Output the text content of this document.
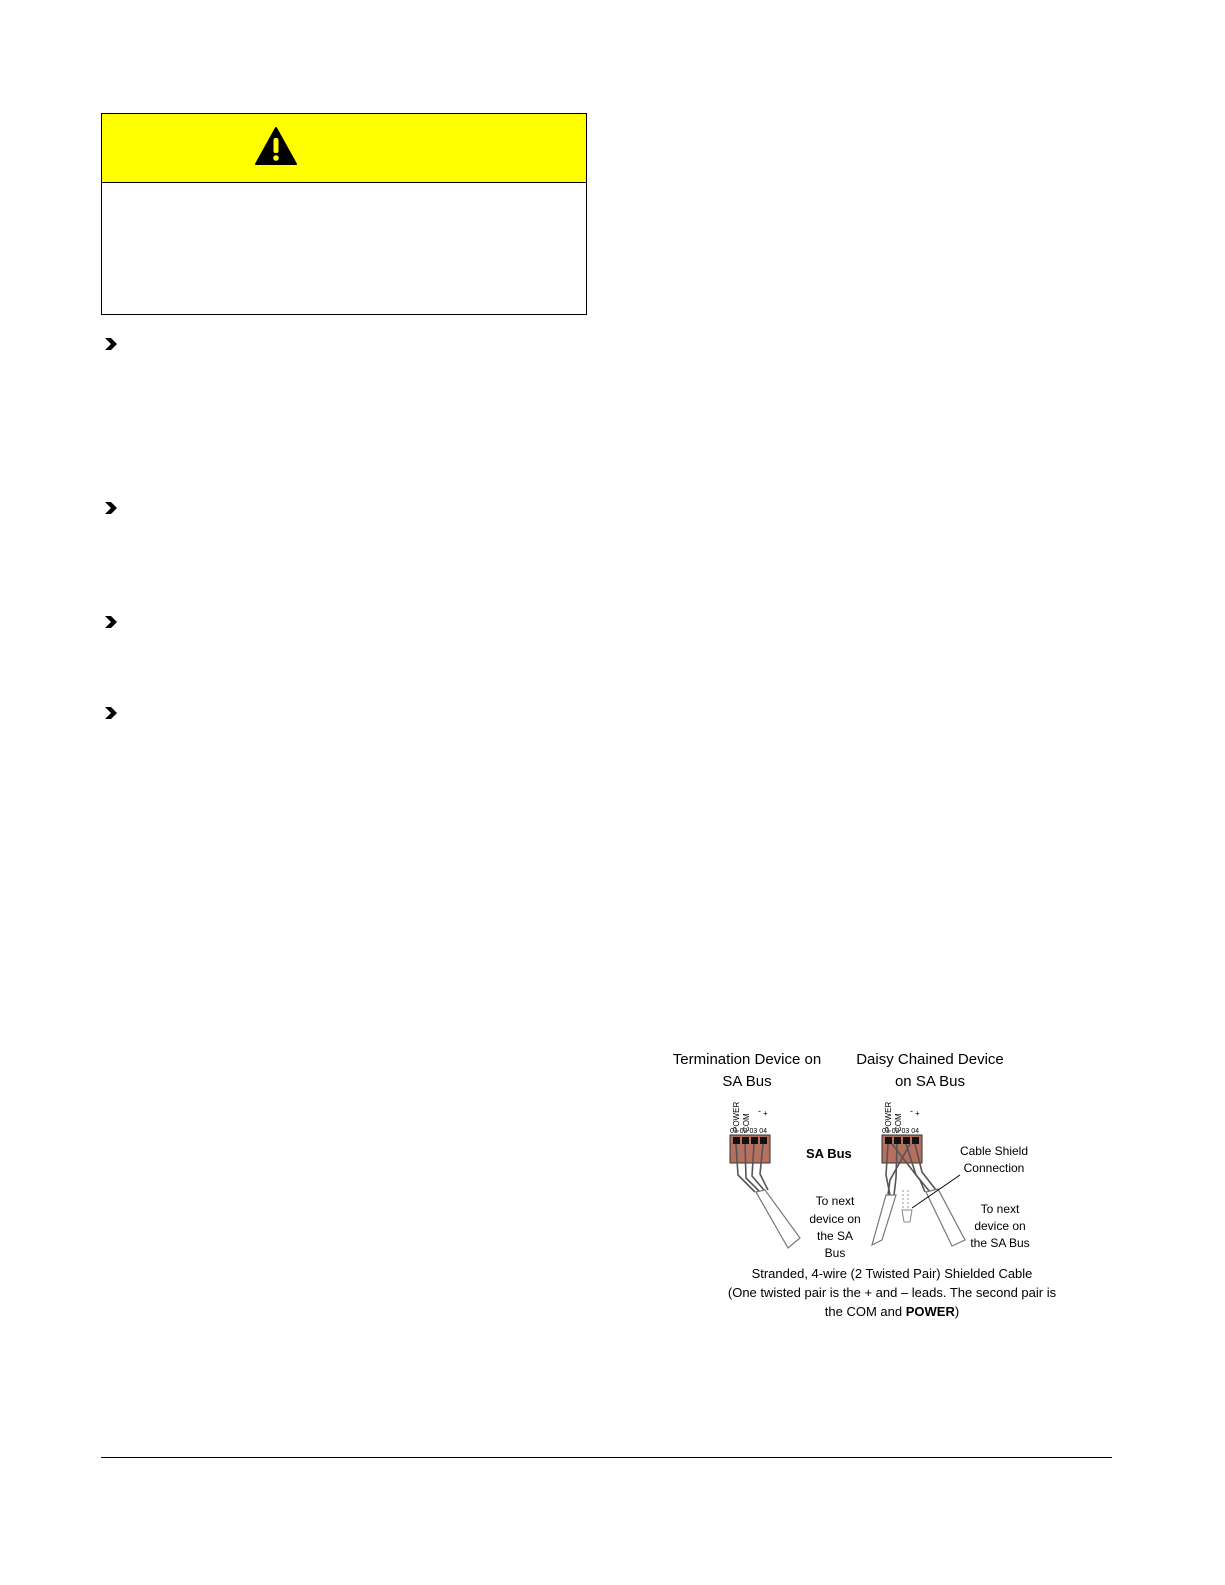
Termination Device on
SA Bus
Daisy Chained Device
on SA Bus
POWER COM
- +
01 02 03 04
SA Bus
To next
device on
the SA
Bus
POWER COM
- +
01 02 03 04
Cable Shield
Connection
To next
device on
the SA Bus
Stranded, 4-wire (2 Twisted Pair) Shielded Cable
(One twisted pair is the + and – leads. The second pair is
the COM and POWER)
